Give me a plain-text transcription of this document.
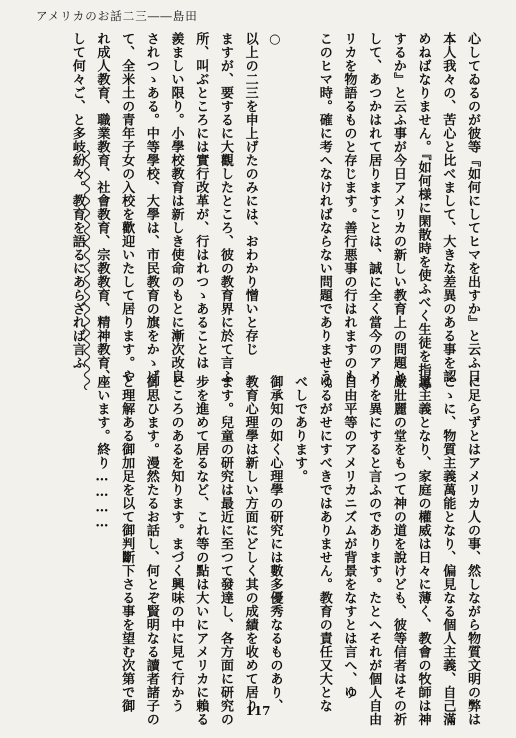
アメリカのお話二三――島田
心してゐるのが彼等『如何にしてヒマを出すか』と云ふ日
本人我々の、苦心と比べまして、大きな差異のある事を認
めねばなりません。『如何様に閑散時を使ふべく生徒を指導
するか』と云ふ事が今日アメリカの新しい教育上の問題と
して、あつかはれて居りますことは、誠に全く當今のアメ
リカを物語るものと存じます。善行悪事の行はれますのも
このヒマ時。確に考へなければならない問題でありませう。

○
以上の二三を申上げたのみには、おわかり憎いと存じ
ますが、要するに大觀したところ、彼の教育界に於て言ふ
所、叫ぶところには實行改革が、行はれつゝあることは
羨ましい限り。小學校教育は新しき使命のもとに漸次改良
されつゝある。中等學校、大學は、市民教育の旗をかゝげ
て、全米土の青年子女の入校を歡迎いたして居ります。や
れ成人教育、職業教育、社會教育、宗教教育、精神教育、
して何々ご、と多岐紛々。教育を語るにあらざれば言ふ
に足らずとはアメリカ人の事、然しながら物質文明の弊は
こゝに、物質主義萬能となり、偏見なる個人主義、自己滿
足主義となり、家庭の權威は日々に薄く、教會の牧師は神
嚴壯麗の堂をもつて神の道を說けども、彼等信者はその祈
りを異にすると言ふのであります。たとへそれが個人自由
自由平等のアメリカニズムが背景をなすとは言へ、ゆ
ゆるがせにすべきではありません。教育の責任又大とな
べしであります。
御承知の如く心理學の研究には數多優秀なるものあり、
教育心理學は新しい方面にどしく其の成績を收めて居り
ます。兒童の研究は最近に至つて發達し、各方面に研究の
步を進めて居るなど、これ等の點は大いにアメリカに賴る
ところのあるを知ります。まづく興味の中に見て行かう
御思ひます。漫然たるお話し、何とぞ賢明なる讀者諸子の
と理解ある御加足を以て御判斷下さる事を望む次第で御
座います。終り…………
117
